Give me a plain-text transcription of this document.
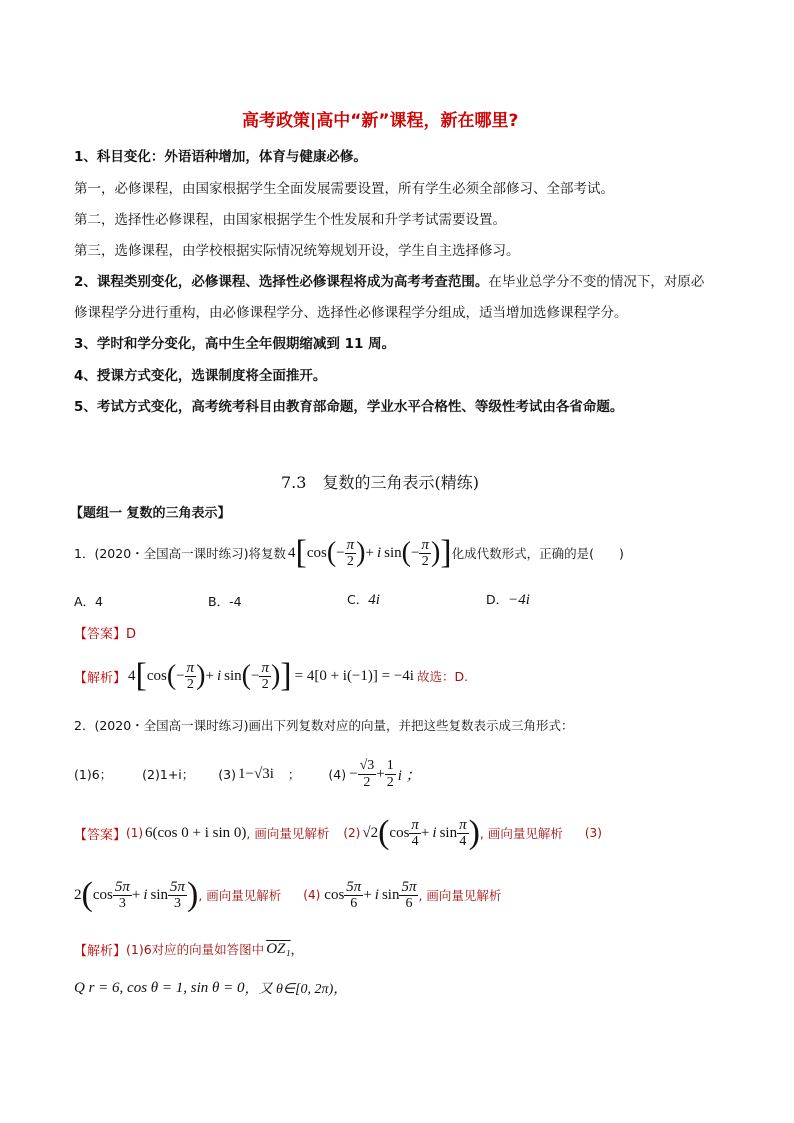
高考政策|高中“新”课程，新在哪里?
1、科目变化：外语语种增加，体育与健康必修。
第一，必修课程，由国家根据学生全面发展需要设置，所有学生必须全部修习、全部考试。
第二，选择性必修课程，由国家根据学生个性发展和升学考试需要设置。
第三，选修课程，由学校根据实际情况统筹规划开设，学生自主选择修习。
2、课程类别变化，必修课程、选择性必修课程将成为高考考查范围。在毕业总学分不变的情况下，对原必
修课程学分进行重构，由必修课程学分、选择性必修课程学分组成，适当增加选修课程学分。
3、学时和学分变化，高中生全年假期缩减到 11 周。
4、授课方式变化，选课制度将全面推开。
5、考试方式变化，高考统考科目由教育部命题，学业水平合格性、等级性考试由各省命题。
7.3　复数的三角表示(精练)
【题组一 复数的三角表示】
1．(2020・全国高一课时练习)将复数 4 [ cos ( − $\frac{\pi}{2}$ ) + i sin ( − $\frac{\pi}{2}$ ) ] 化成代数形式，正确的是(　　)
A．4	B．-4	C．4i	D．−4i
【答案】D
【解析】 4 [ cos ( − $\frac{\pi}{2}$ ) + i sin ( − $\frac{\pi}{2}$ ) ] = 4[0 + i(−1)] = −4i 故选：D.
2．(2020・全国高一课时练习)画出下列复数对应的向量，并把这些复数表示成三角形式：
(1)6； (2)1+i； (3) 1−√3i ； $(4) - \frac{√3}{2} + \frac{1}{2}$ i ；
【答案】 (1) 6(cos 0 + i sin 0) , 画向量见解析 (2) √2 ( $\cos \frac{\pi}{4} + i$ $\sin \frac{\pi}{4}$ ) , 画向量见解析 (3)
2 ( $\cos \frac{5\pi}{3} + i$ $\sin \frac{5\pi}{3}$ ) , 画向量见解析 (4) $\cos \frac{5\pi}{6} + i$ $\sin \frac{5\pi}{6}$ , 画向量见解析
【解析】 (1)6对应的向量如答图中 OZ₁ ，
Q r = 6, cos θ = 1, sin θ = 0 ，又 θ∈[0, 2π)，
